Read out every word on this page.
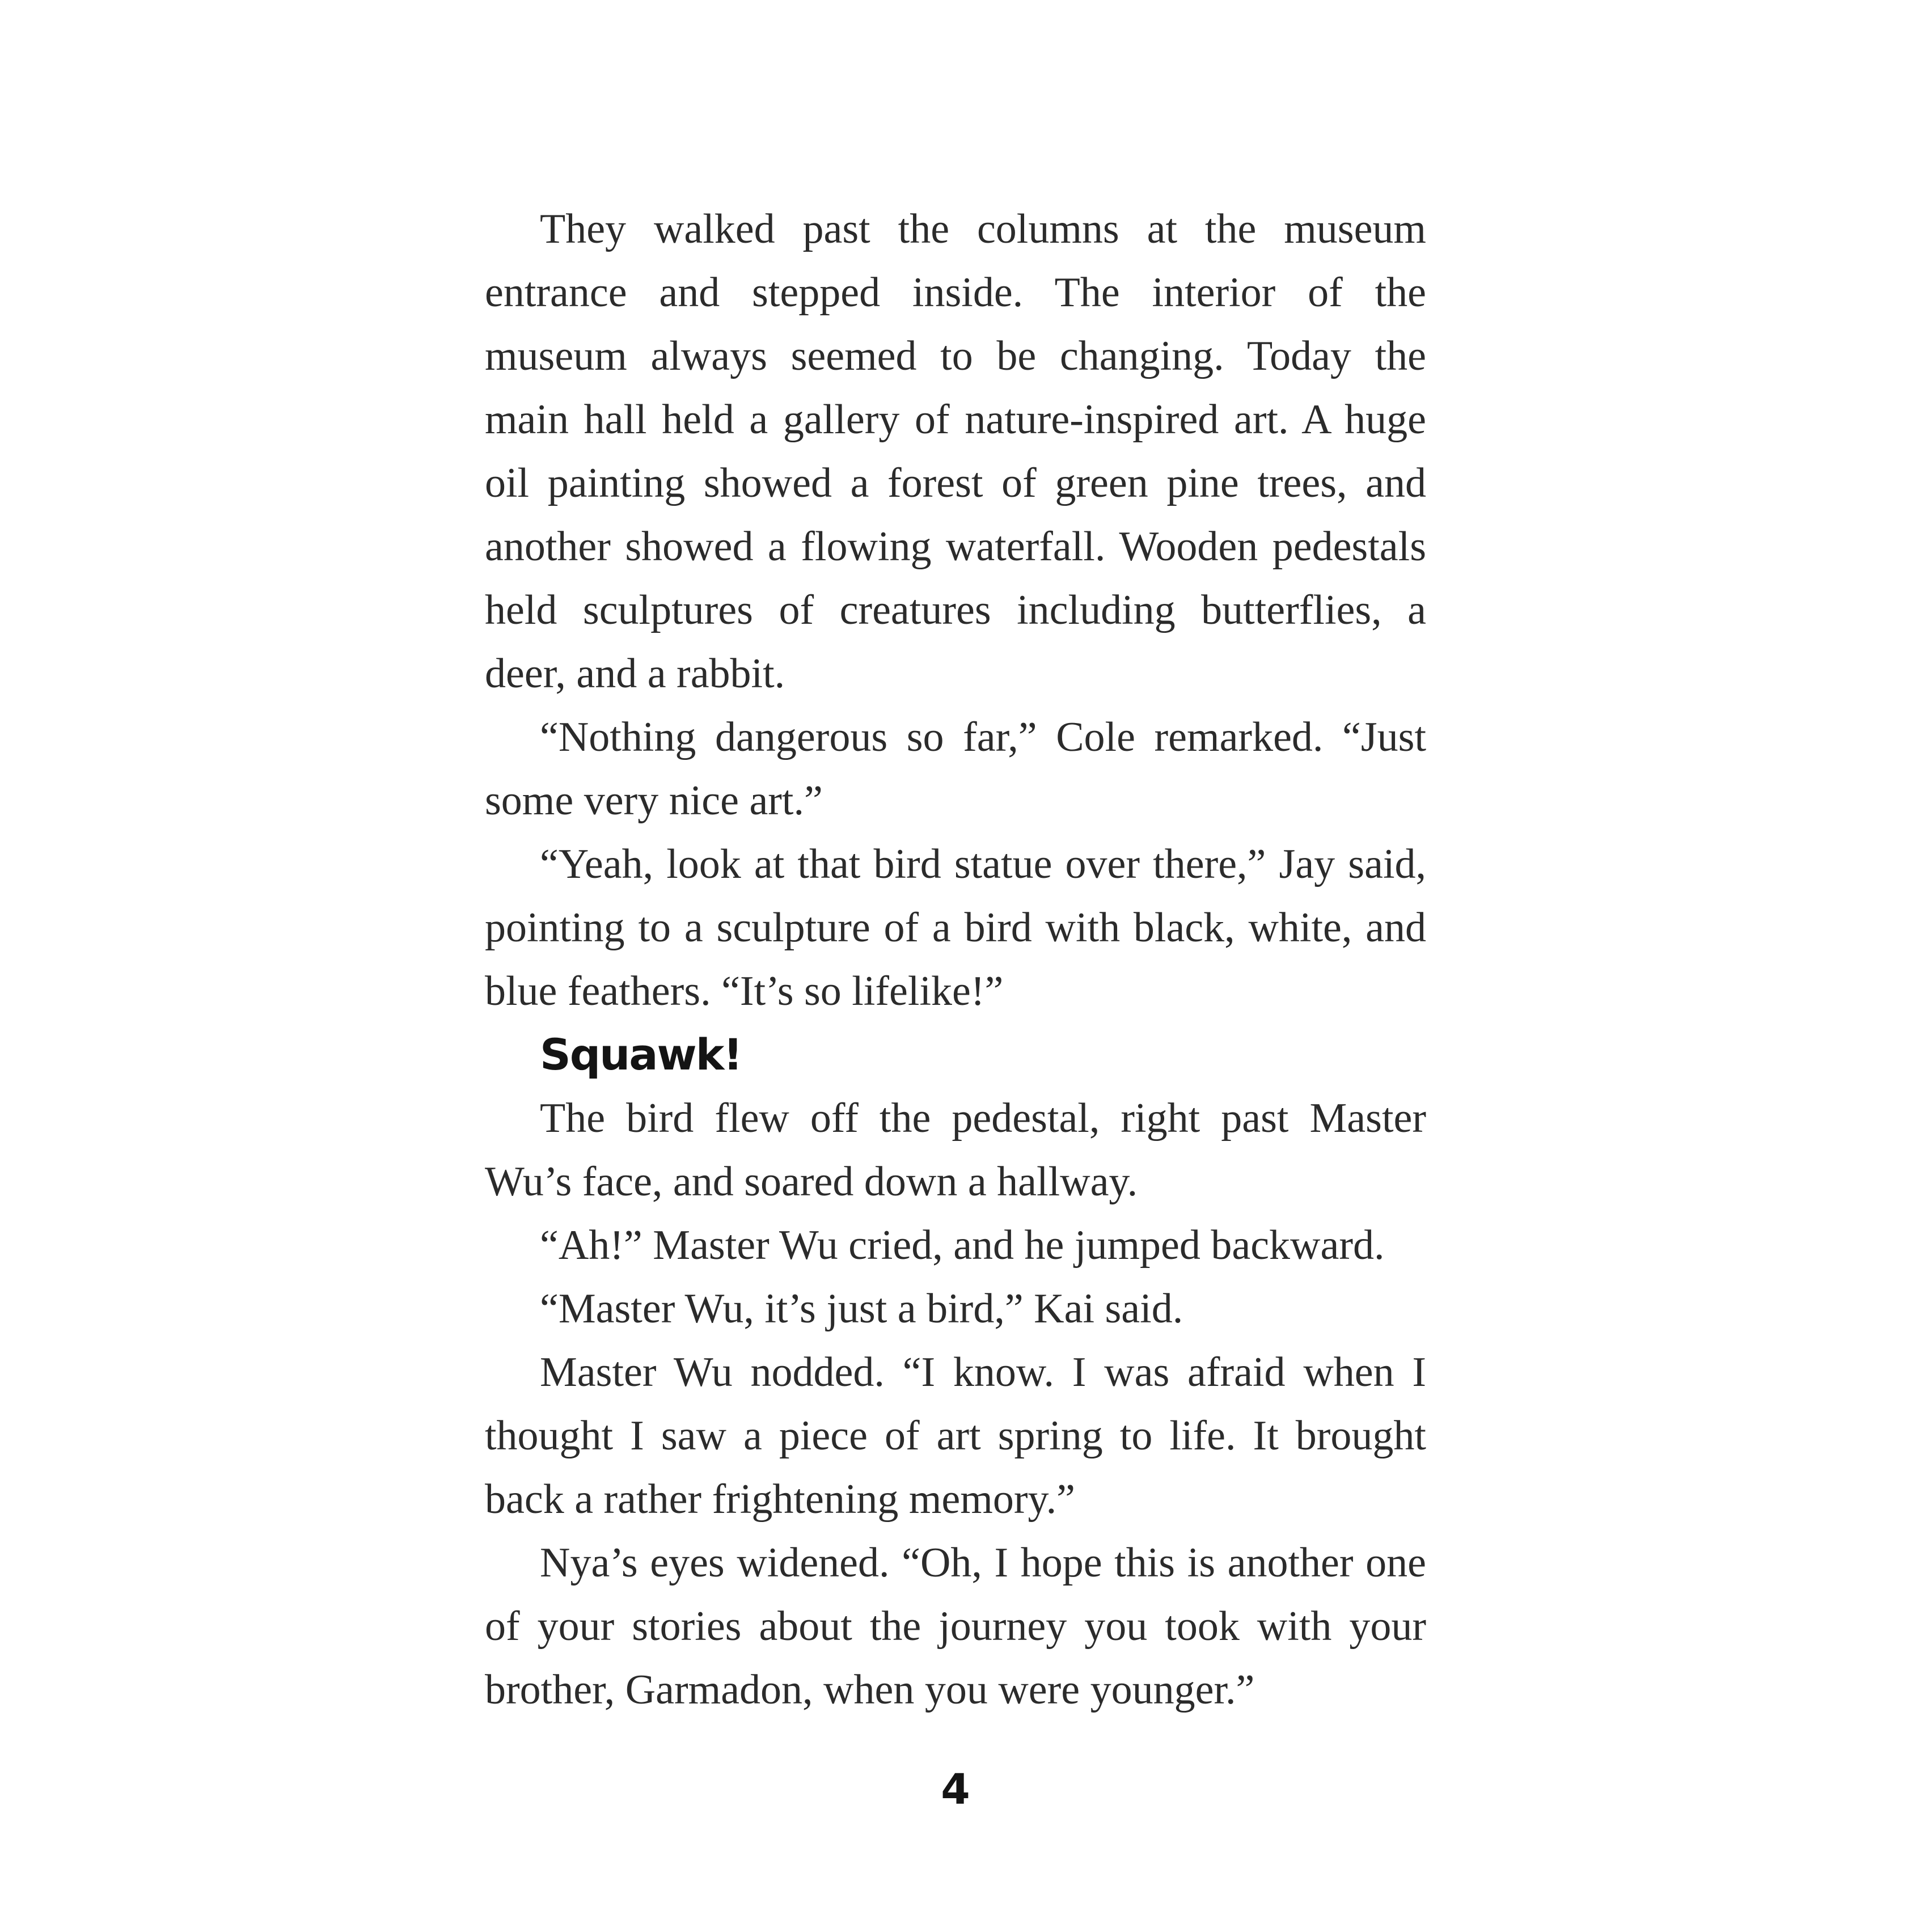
They walked past the columns at the museum
entrance and stepped inside. The interior of the
museum always seemed to be changing. Today the
main hall held a gallery of nature-inspired art. A huge
oil painting showed a forest of green pine trees, and
another showed a flowing waterfall. Wooden pedestals
held sculptures of creatures including butterflies, a
deer, and a rabbit.
“Nothing dangerous so far,” Cole remarked. “Just
some very nice art.”
“Yeah, look at that bird statue over there,” Jay said,
pointing to a sculpture of a bird with black, white, and
blue feathers. “It’s so lifelike!”
Squawk!
The bird flew off the pedestal, right past Master
Wu’s face, and soared down a hallway.
“Ah!” Master Wu cried, and he jumped backward.
“Master Wu, it’s just a bird,” Kai said.
Master Wu nodded. “I know. I was afraid when I
thought I saw a piece of art spring to life. It brought
back a rather frightening memory.”
Nya’s eyes widened. “Oh, I hope this is another one
of your stories about the journey you took with your
brother, Garmadon, when you were younger.”
4
